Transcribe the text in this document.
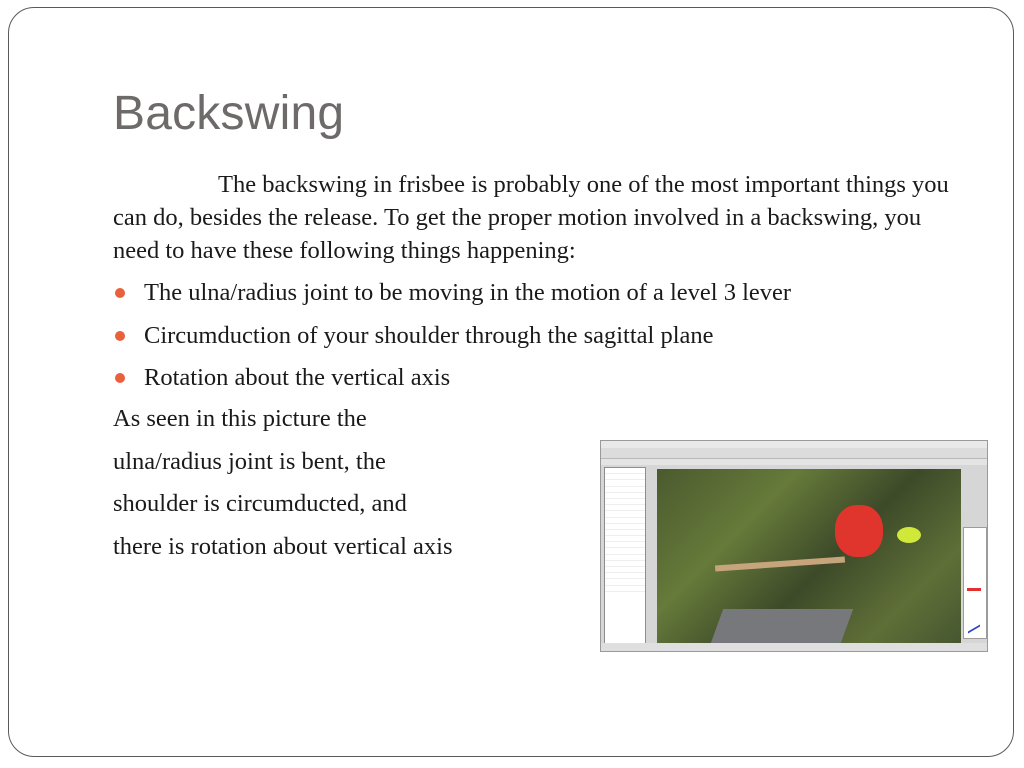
Backswing
The backswing in frisbee is probably one of the most important things you can do, besides the release. To get the proper motion involved in a backswing, you need to have these following things happening:
The ulna/radius joint to be moving in the motion of a level 3 lever
Circumduction of your shoulder through the sagittal plane
Rotation about the vertical axis
As seen in this picture the
ulna/radius joint is bent, the
shoulder is circumducted, and
there is rotation about vertical axis
